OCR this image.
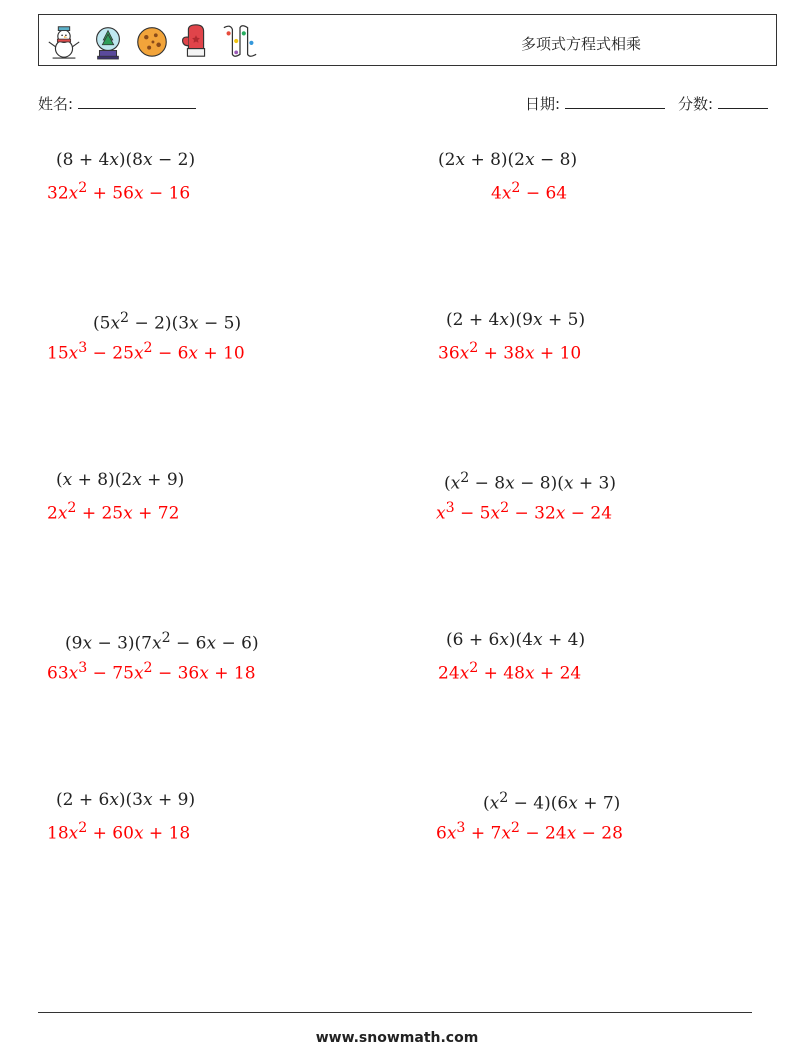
多项式方程式相乘
姓名:	日期:	分数:
(8 + 4x)(8x − 2)
$32x^2 + 56x - 16$
(2x + 8)(2x − 8)
$4x^2 - 64$
$(5x^2 - 2)(3x - 5)$
$15x^3 - 25x^2 - 6x + 10$
(2 + 4x)(9x + 5)
$36x^2 + 38x + 10$
(x + 8)(2x + 9)
$2x^2 + 25x + 72$
$(x^2 - 8x - 8)(x + 3)$
$x^3 - 5x^2 - 32x - 24$
$(9x - 3)(7x^2 - 6x - 6)$
$63x^3 - 75x^2 - 36x + 18$
(6 + 6x)(4x + 4)
$24x^2 + 48x + 24$
(2 + 6x)(3x + 9)
$18x^2 + 60x + 18$
$(x^2 - 4)(6x + 7)$
$6x^3 + 7x^2 - 24x - 28$
www.snowmath.com
